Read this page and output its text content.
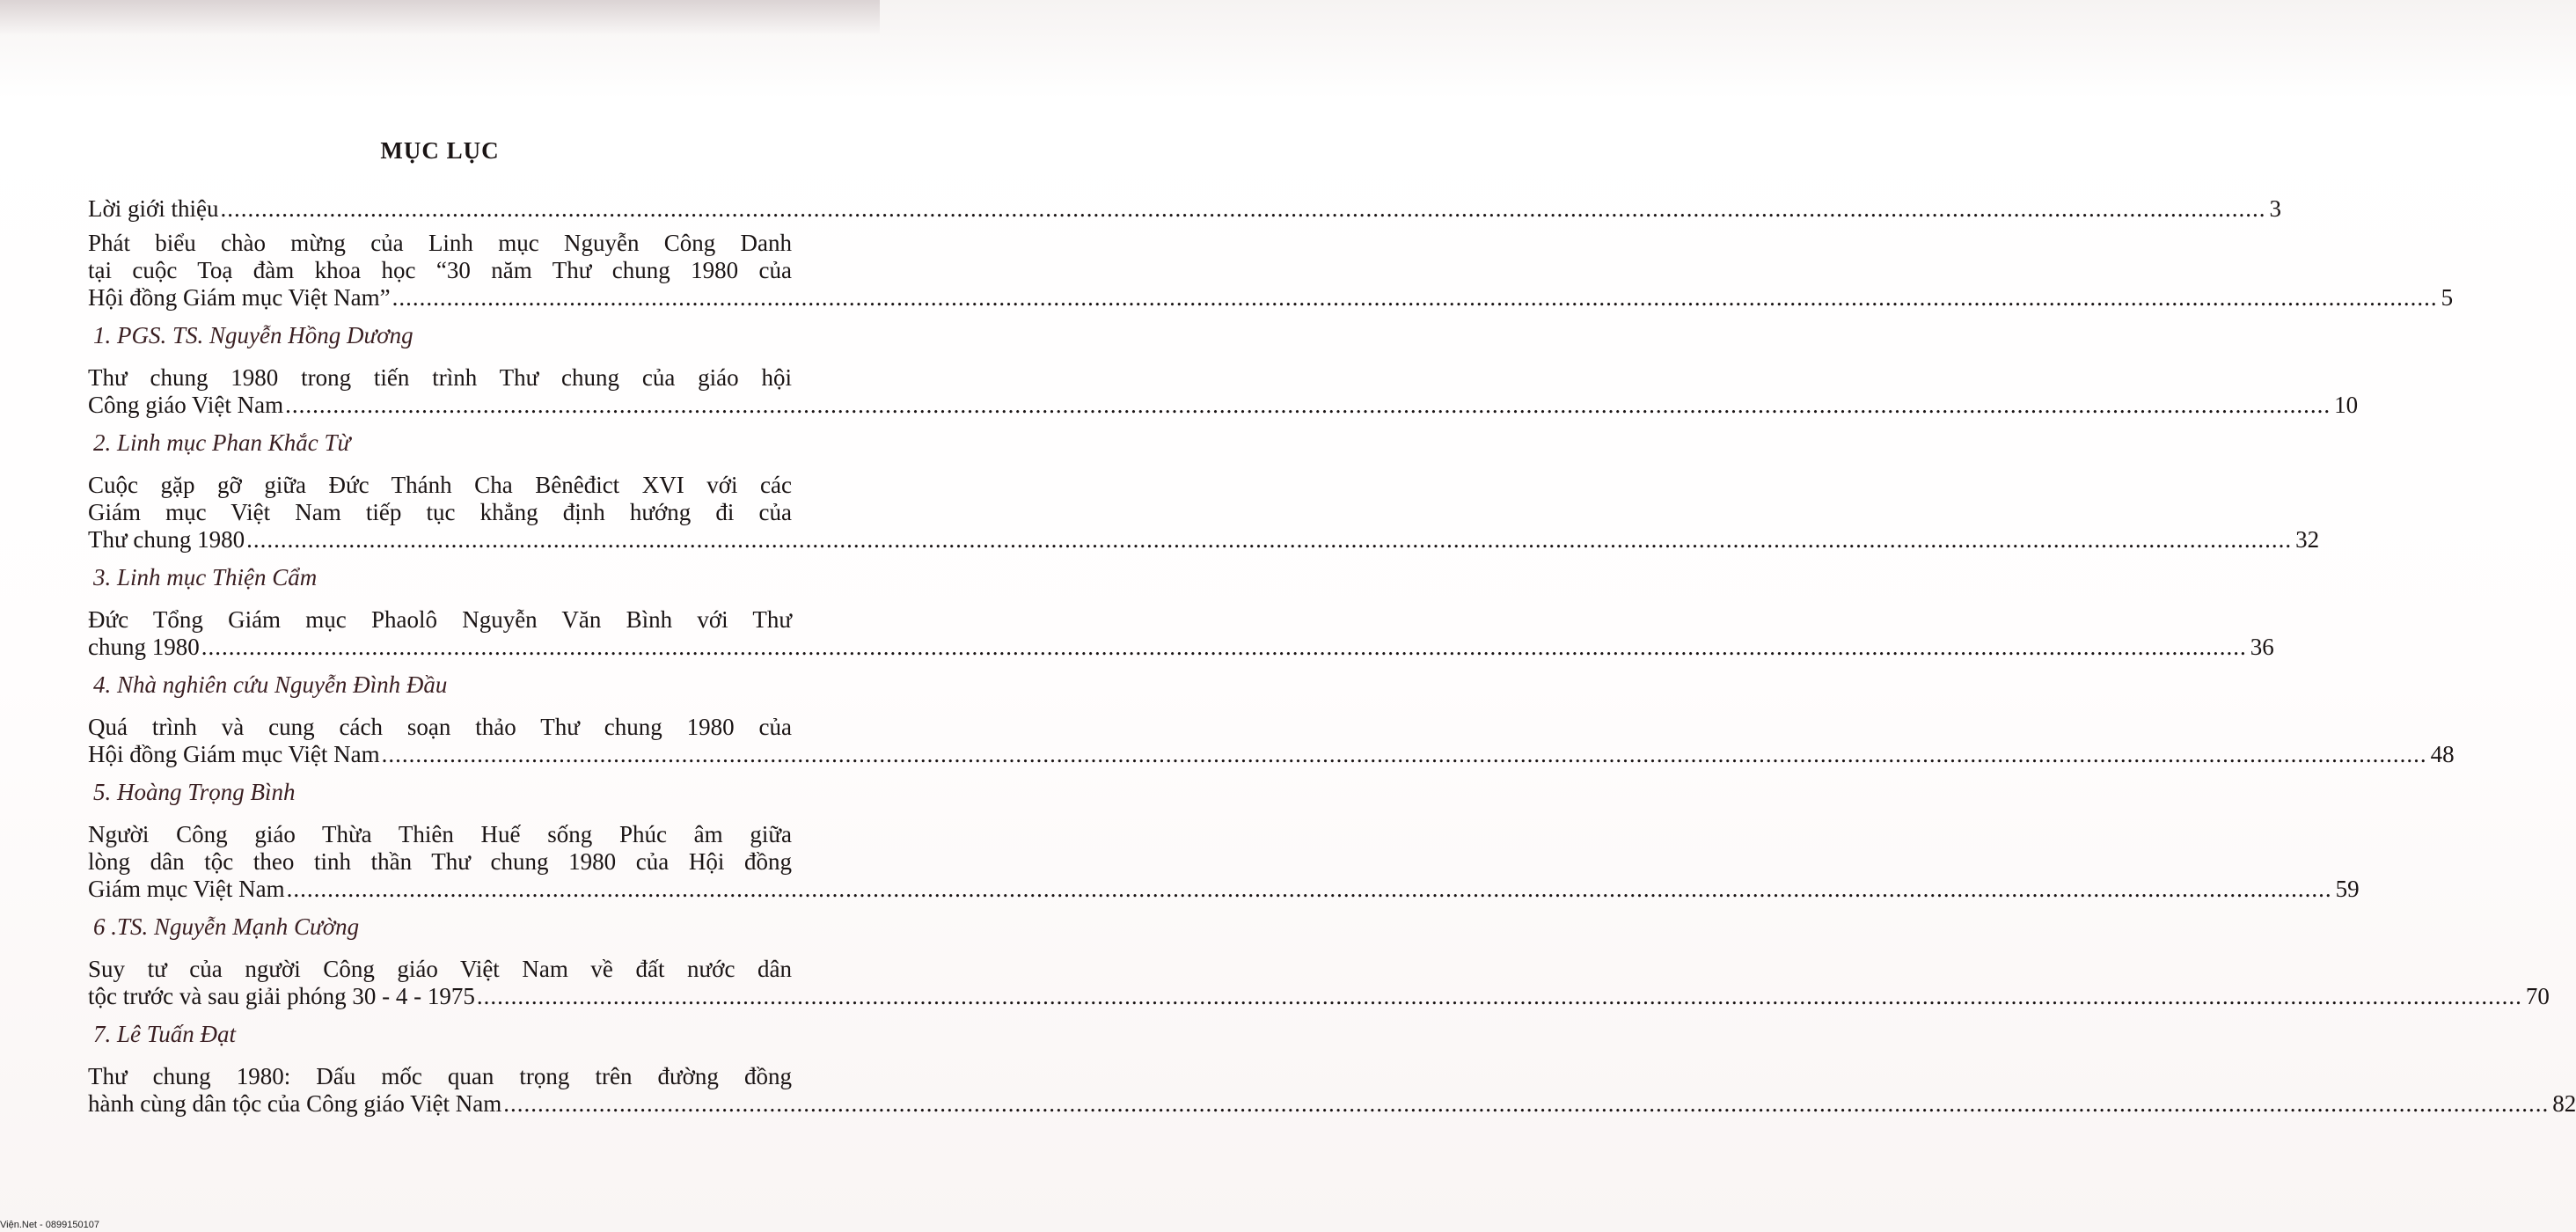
MỤC LỤC
Lời giới thiệu ............................................................................................................................................................................................................................................................................................................ 3
Phát biểu chào mừng của Linh mục Nguyễn Công Danh
tại cuộc Toạ đàm khoa học “30 năm Thư chung 1980 của
Hội đồng Giám mục Việt Nam” ............................................................................................................................................................................................................................................................................................................ 5
1. PGS. TS. Nguyễn Hồng Dương
Thư chung 1980 trong tiến trình Thư chung của giáo hội
Công giáo Việt Nam ............................................................................................................................................................................................................................................................................................................ 10
2. Linh mục Phan Khắc Từ
Cuộc gặp gỡ giữa Đức Thánh Cha Bênêđict XVI với các
Giám mục Việt Nam tiếp tục khẳng định hướng đi của
Thư chung 1980 ............................................................................................................................................................................................................................................................................................................ 32
3. Linh mục Thiện Cẩm
Đức Tổng Giám mục Phaolô Nguyễn Văn Bình với Thư
chung 1980 ............................................................................................................................................................................................................................................................................................................ 36
4. Nhà nghiên cứu Nguyễn Đình Đầu
Quá trình và cung cách soạn thảo Thư chung 1980 của
Hội đồng Giám mục Việt Nam ............................................................................................................................................................................................................................................................................................................ 48
5. Hoàng Trọng Bình
Người Công giáo Thừa Thiên Huế sống Phúc âm giữa
lòng dân tộc theo tinh thần Thư chung 1980 của Hội đồng
Giám mục Việt Nam ............................................................................................................................................................................................................................................................................................................ 59
6 .TS. Nguyễn Mạnh Cường
Suy tư của người Công giáo Việt Nam về đất nước dân
tộc trước và sau giải phóng 30 - 4 - 1975 ............................................................................................................................................................................................................................................................................................................ 70
7. Lê Tuấn Đạt
Thư chung 1980: Dấu mốc quan trọng trên đường đồng
hành cùng dân tộc của Công giáo Việt Nam ............................................................................................................................................................................................................................................................................................................ 82
Viện.Net - 0899150107
